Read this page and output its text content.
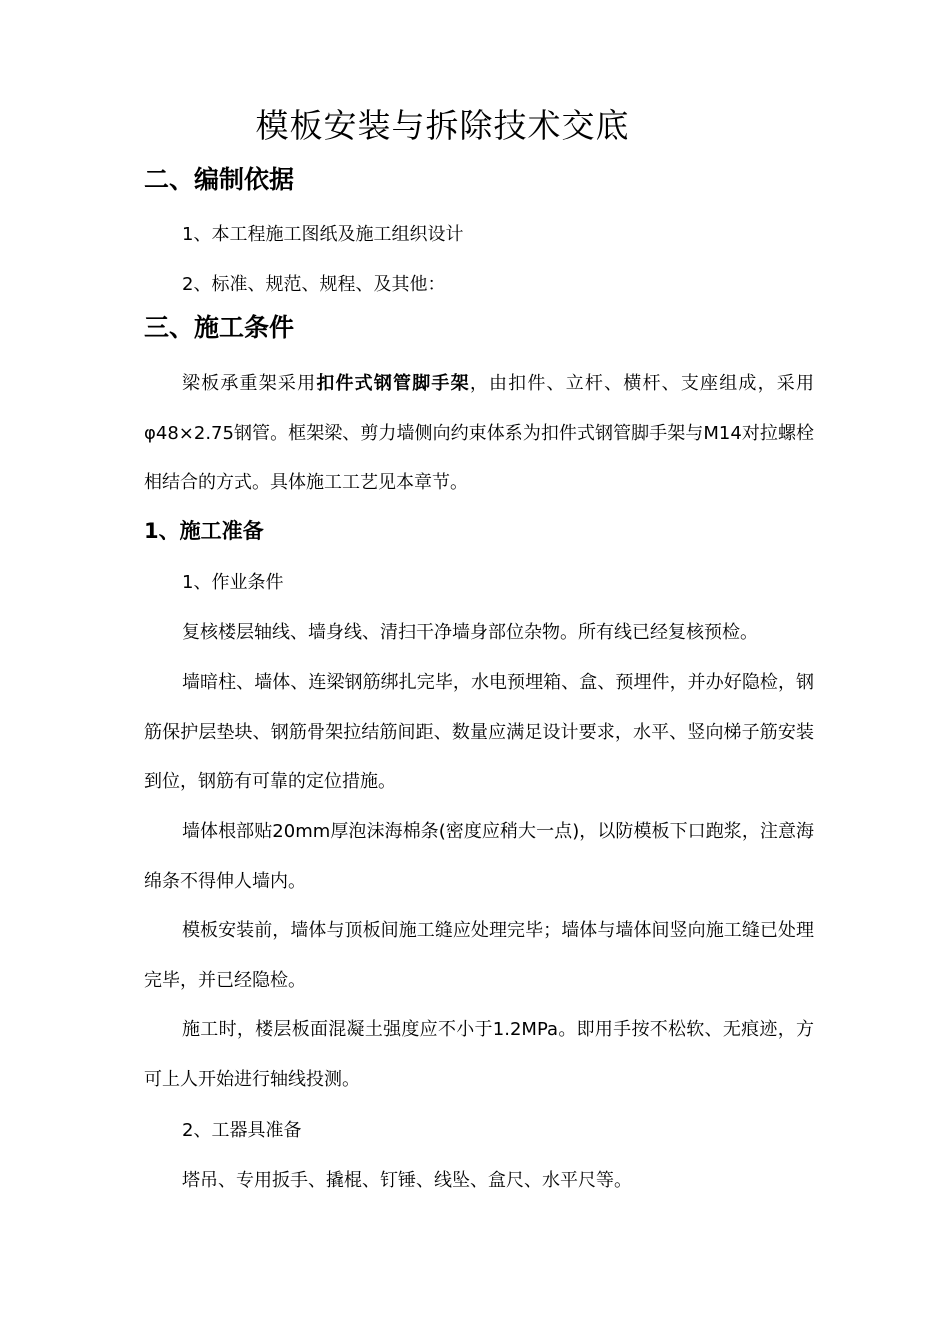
模板安装与拆除技术交底
二、编制依据

1、本工程施工图纸及施工组织设计

2、标准、规范、规程、及其他：

三、施工条件

梁板承重架采用扣件式钢管脚手架，由扣件、立杆、横杆、支座组成，采用φ48×2.75钢管。框架梁、剪力墙侧向约束体系为扣件式钢管脚手架与M14对拉螺栓相结合的方式。具体施工工艺见本章节。

1、施工准备

1、作业条件

复核楼层轴线、墙身线、清扫干净墙身部位杂物。所有线已经复核预检。

墙暗柱、墙体、连梁钢筋绑扎完毕，水电预埋箱、盒、预埋件，并办好隐检，钢筋保护层垫块、钢筋骨架拉结筋间距、数量应满足设计要求，水平、竖向梯子筋安装到位，钢筋有可靠的定位措施。

墙体根部贴20mm厚泡沫海棉条(密度应稍大一点)，以防模板下口跑浆，注意海绵条不得伸人墙内。

模板安装前，墙体与顶板间施工缝应处理完毕；墙体与墙体间竖向施工缝已处理完毕，并已经隐检。

施工时，楼层板面混凝土强度应不小于1.2MPa。即用手按不松软、无痕迹，方可上人开始进行轴线投测。

2、工器具准备

塔吊、专用扳手、撬棍、钉锤、线坠、盒尺、水平尺等。
